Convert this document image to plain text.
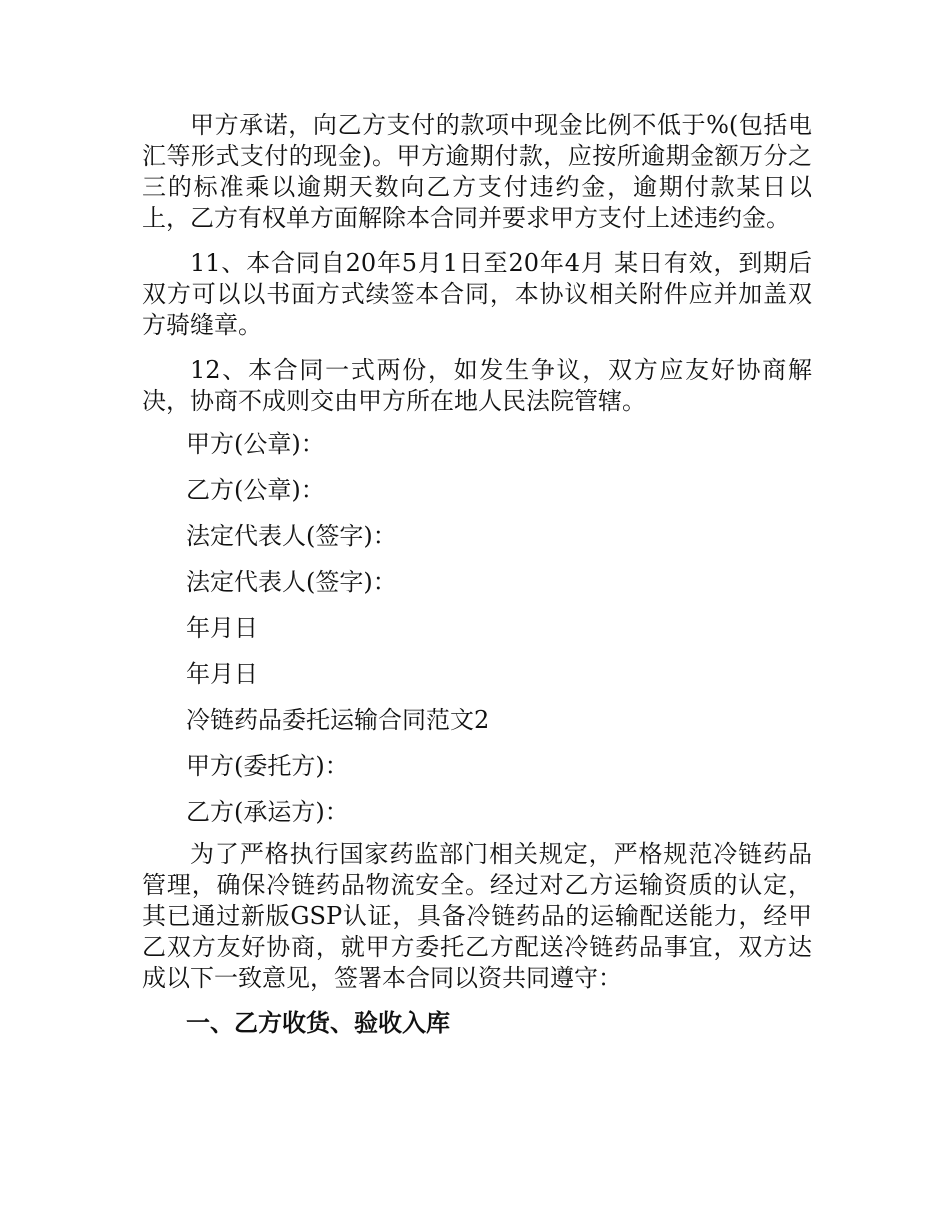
甲方承诺，向乙方支付的款项中现金比例不低于%(包括电汇等形式支付的现金)。甲方逾期付款，应按所逾期金额万分之三的标准乘以逾期天数向乙方支付违约金，逾期付款某日以上，乙方有权单方面解除本合同并要求甲方支付上述违约金。

11、本合同自20年5月1日至20年4月 某日有效，到期后双方可以以书面方式续签本合同，本协议相关附件应并加盖双方骑缝章。

12、本合同一式两份，如发生争议，双方应友好协商解决，协商不成则交由甲方所在地人民法院管辖。

甲方(公章)：
乙方(公章)：
法定代表人(签字)：
法定代表人(签字)：
年月日
年月日
冷链药品委托运输合同范文2
甲方(委托方)：
乙方(承运方)：

为了严格执行国家药监部门相关规定，严格规范冷链药品管理，确保冷链药品物流安全。经过对乙方运输资质的认定，其已通过新版GSP认证，具备冷链药品的运输配送能力，经甲乙双方友好协商，就甲方委托乙方配送冷链药品事宜，双方达成以下一致意见，签署本合同以资共同遵守：

一、乙方收货、验收入库
